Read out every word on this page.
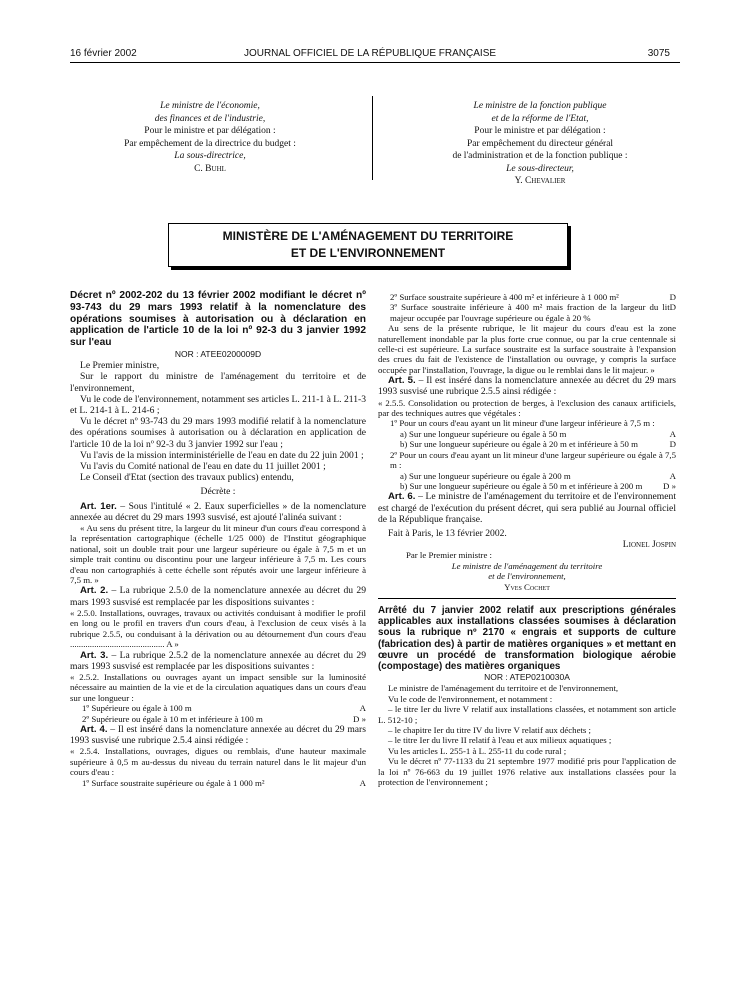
16 février 2002	JOURNAL OFFICIEL DE LA RÉPUBLIQUE FRANÇAISE	3075
Le ministre de l'économie,
des finances et de l'industrie,
Pour le ministre et par délégation :
Par empêchement de la directrice du budget :
La sous-directrice,
C. Buhl
Le ministre de la fonction publique
et de la réforme de l'Etat,
Pour le ministre et par délégation :
Par empêchement du directeur général
de l'administration et de la fonction publique :
Le sous-directeur,
Y. Chevalier
MINISTÈRE DE L'AMÉNAGEMENT DU TERRITOIRE
ET DE L'ENVIRONNEMENT

Décret nº 2002-202 du 13 février 2002 modifiant le décret nº 93-743 du 29 mars 1993 relatif à la nomenclature des opérations soumises à autorisation ou à déclaration en application de l'article 10 de la loi nº 92-3 du 3 janvier 1992 sur l'eau

NOR : ATEE0200009D

Le Premier ministre,

Sur le rapport du ministre de l'aménagement du territoire et de l'environnement,

Vu le code de l'environnement, notamment ses articles L. 211-1 à L. 211-3 et L. 214-1 à L. 214-6 ;

Vu le décret nº 93-743 du 29 mars 1993 modifié relatif à la nomenclature des opérations soumises à autorisation ou à déclaration en application de l'article 10 de la loi nº 92-3 du 3 janvier 1992 sur l'eau ;

Vu l'avis de la mission interministérielle de l'eau en date du 22 juin 2001 ;

Vu l'avis du Comité national de l'eau en date du 11 juillet 2001 ;

Le Conseil d'Etat (section des travaux publics) entendu,

Décrète :

Art. 1er. – Sous l'intitulé « 2. Eaux superficielles » de la nomenclature annexée au décret du 29 mars 1993 susvisé, est ajouté l'alinéa suivant :

« Au sens du présent titre, la largeur du lit mineur d'un cours d'eau correspond à la représentation cartographique (échelle 1/25 000) de l'Institut géographique national, soit un double trait pour une largeur supérieure ou égale à 7,5 m et un simple trait continu ou discontinu pour une largeur inférieure à 7,5 m. Les cours d'eau non cartographiés à cette échelle sont réputés avoir une largeur inférieure à 7,5 m. »

Art. 2. – La rubrique 2.5.0 de la nomenclature annexée au décret du 29 mars 1993 susvisé est remplacée par les dispositions suivantes :

« 2.5.0. Installations, ouvrages, travaux ou activités conduisant à modifier le profil en long ou le profil en travers d'un cours d'eau, à l'exclusion de ceux visés à la rubrique 2.5.5, ou conduisant à la dérivation ou au détournement d'un cours d'eau ........................................... A »

Art. 3. – La rubrique 2.5.2 de la nomenclature annexée au décret du 29 mars 1993 susvisé est remplacée par les dispositions suivantes :

« 2.5.2. Installations ou ouvrages ayant un impact sensible sur la luminosité nécessaire au maintien de la vie et de la circulation aquatiques dans un cours d'eau sur une longueur :

1º Supérieure ou égale à 100 m	A

2º Supérieure ou égale à 10 m et inférieure à 100 m	D »

Art. 4. – Il est inséré dans la nomenclature annexée au décret du 29 mars 1993 susvisé une rubrique 2.5.4 ainsi rédigée :

« 2.5.4. Installations, ouvrages, digues ou remblais, d'une hauteur maximale supérieure à 0,5 m au-dessus du niveau du terrain naturel dans le lit majeur d'un cours d'eau :

1º Surface soustraite supérieure ou égale à 1 000 m²	A

2º Surface soustraite supérieure à 400 m² et inférieure à 1 000 m²	D

3º Surface soustraite inférieure à 400 m² mais fraction de la largeur du lit majeur occupée par l'ouvrage supérieure ou égale à 20 %
D

Au sens de la présente rubrique, le lit majeur du cours d'eau est la zone naturellement inondable par la plus forte crue connue, ou par la crue centennale si celle-ci est supérieure. La surface soustraite est la surface soustraite à l'expansion des crues du fait de l'existence de l'installation ou ouvrage, y compris la surface occupée par l'installation, l'ouvrage, la digue ou le remblai dans le lit majeur. »

Art. 5. – Il est inséré dans la nomenclature annexée au décret du 29 mars 1993 susvisé une rubrique 2.5.5 ainsi rédigée :

« 2.5.5. Consolidation ou protection de berges, à l'exclusion des canaux artificiels, par des techniques autres que végétales :

1º Pour un cours d'eau ayant un lit mineur d'une largeur inférieure à 7,5 m :

a) Sur une longueur supérieure ou égale à 50 m	A

b) Sur une longueur supérieure ou égale à 20 m et inférieure à 50 m	D

2º Pour un cours d'eau ayant un lit mineur d'une largeur supérieure ou égale à 7,5 m :

a) Sur une longueur supérieure ou égale à 200 m	A

b) Sur une longueur supérieure ou égale à 50 m et inférieure à 200 m D »

Art. 6. – Le ministre de l'aménagement du territoire et de l'environnement est chargé de l'exécution du présent décret, qui sera publié au Journal officiel de la République française.

Fait à Paris, le 13 février 2002.

Lionel Jospin

Par le Premier ministre :

Le ministre de l'aménagement du territoire

et de l'environnement,

Yves Cochet

Arrêté du 7 janvier 2002 relatif aux prescriptions générales applicables aux installations classées soumises à déclaration sous la rubrique nº 2170 « engrais et supports de culture (fabrication des) à partir de matières organiques » et mettant en œuvre un procédé de transformation biologique aérobie (compostage) des matières organiques

NOR : ATEP0210030A

Le ministre de l'aménagement du territoire et de l'environnement,

Vu le code de l'environnement, et notamment :

– le titre Ier du livre V relatif aux installations classées, et notamment son article L. 512-10 ;

– le chapitre Ier du titre IV du livre V relatif aux déchets ;

– le titre Ier du livre II relatif à l'eau et aux milieux aquatiques ;

Vu les articles L. 255-1 à L. 255-11 du code rural ;

Vu le décret nº 77-1133 du 21 septembre 1977 modifié pris pour l'application de la loi nº 76-663 du 19 juillet 1976 relative aux installations classées pour la protection de l'environnement ;
